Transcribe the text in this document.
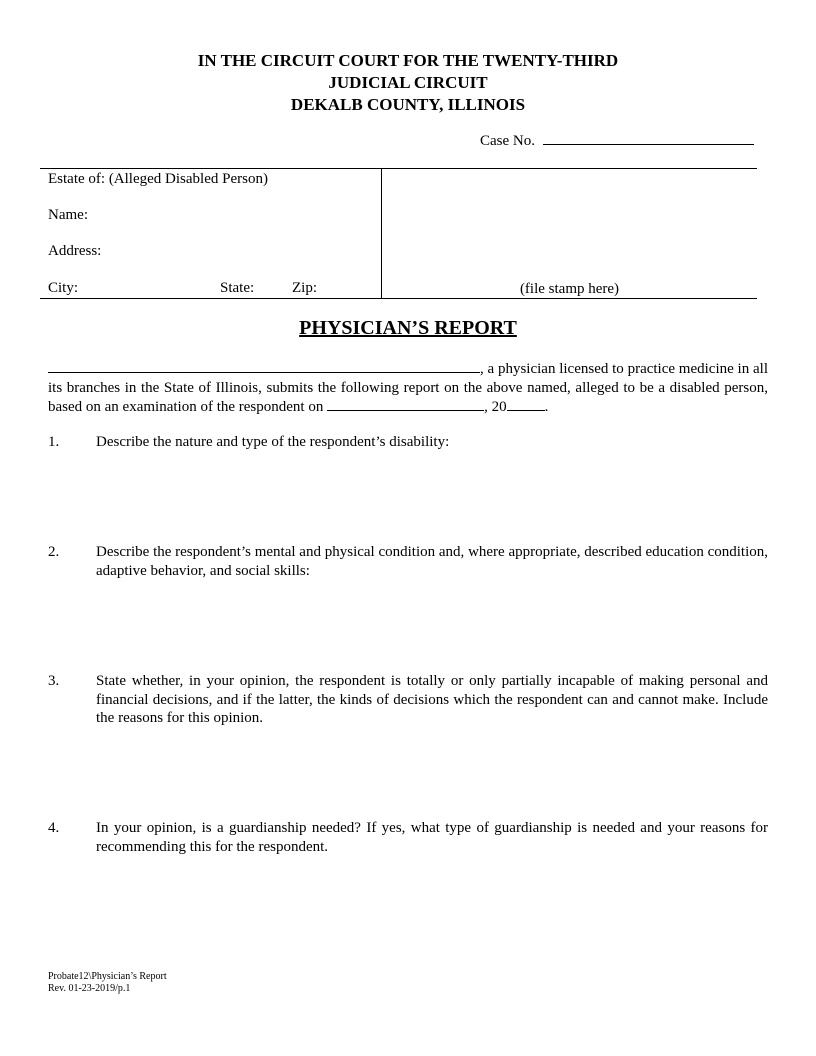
IN THE CIRCUIT COURT FOR THE TWENTY-THIRD
JUDICIAL CIRCUIT
DEKALB COUNTY, ILLINOIS
Case No.
Estate of: (Alleged Disabled Person)
Name:
Address:
City:	State:	Zip:	(file stamp here)
PHYSICIAN’S REPORT
, a physician licensed to practice medicine in all its branches in the State of Illinois, submits the following report on the above named, alleged to be a disabled person, based on an examination of the respondent on	, 20	.
1. Describe the nature and type of the respondent’s disability:
2. Describe the respondent’s mental and physical condition and, where appropriate, described education condition, adaptive behavior, and social skills:
3. State whether, in your opinion, the respondent is totally or only partially incapable of making personal and financial decisions, and if the latter, the kinds of decisions which the respondent can and cannot make. Include the reasons for this opinion.
4. In your opinion, is a guardianship needed? If yes, what type of guardianship is needed and your reasons for recommending this for the respondent.
Probate12\Physician’s Report
Rev. 01-23-2019/p.1
